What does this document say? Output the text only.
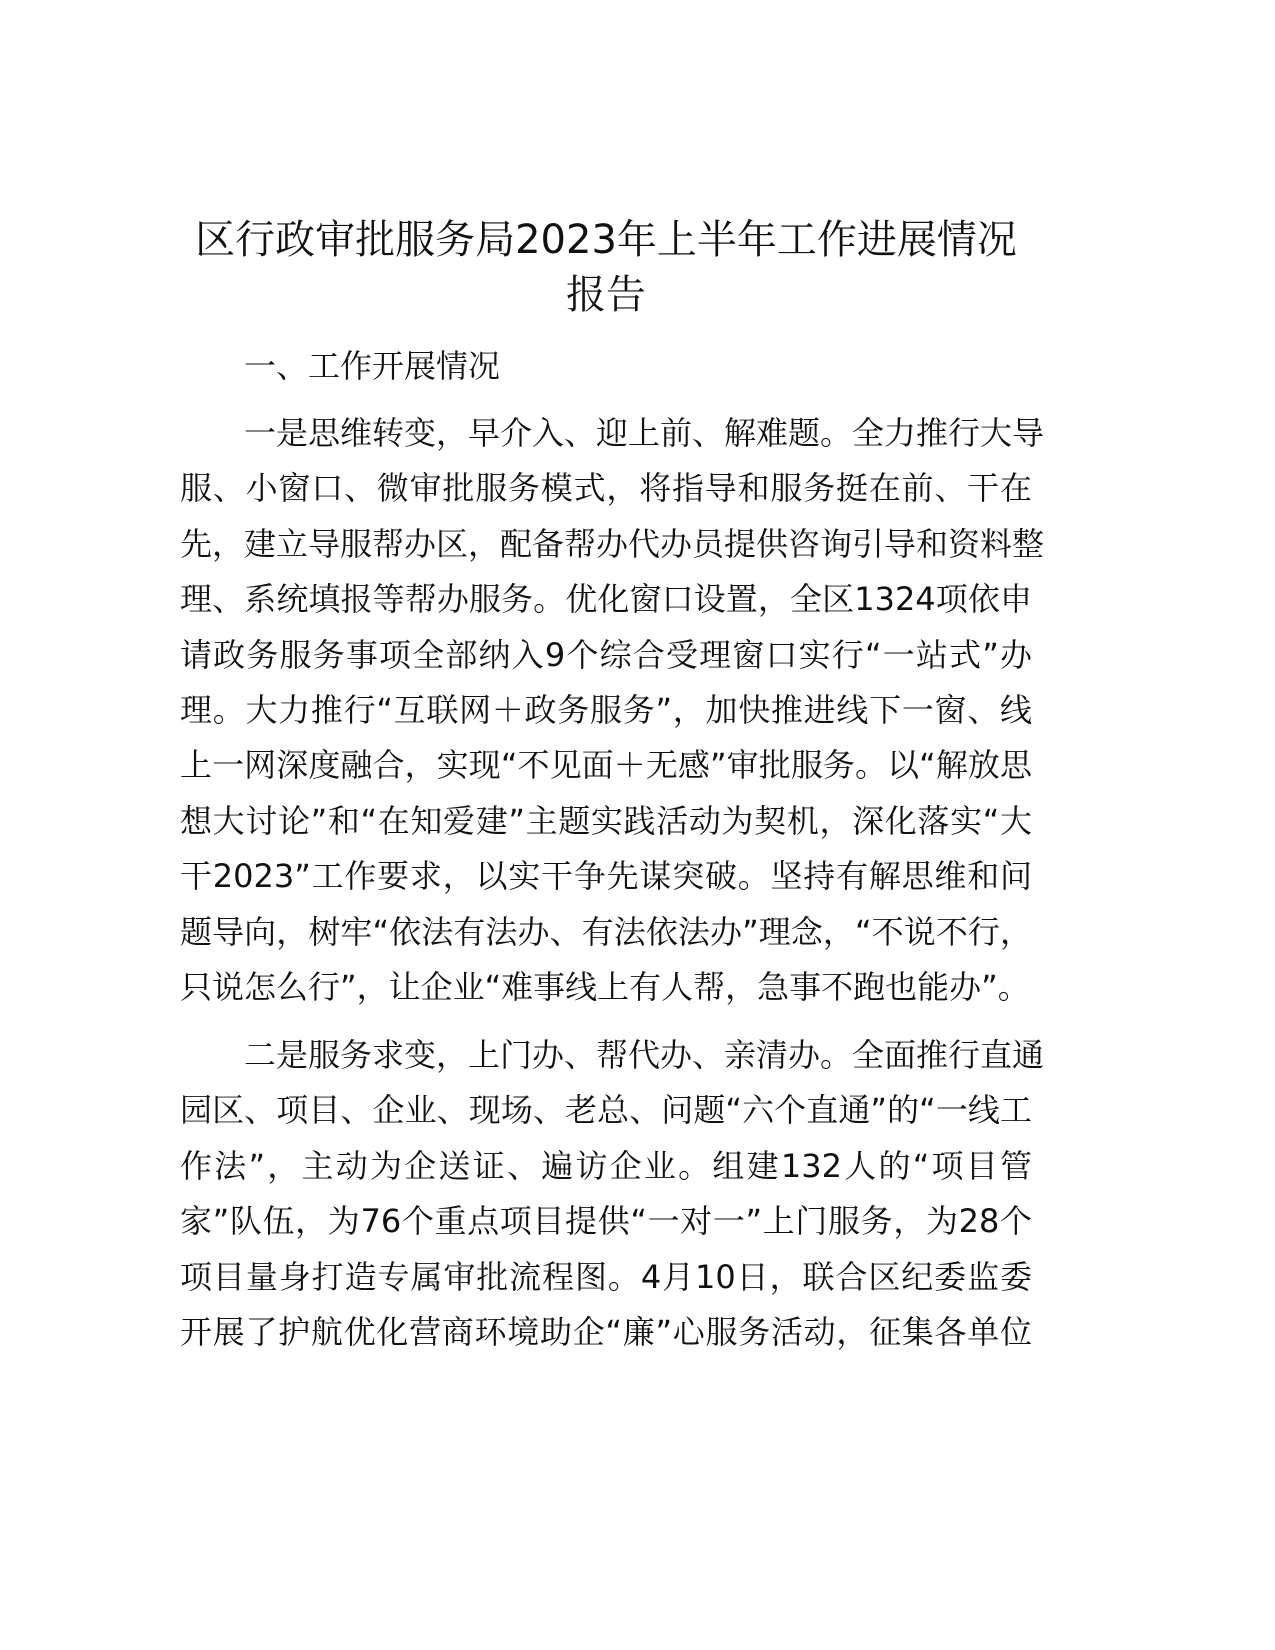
区行政审批服务局2023年上半年工作进展情况
报告
一、工作开展情况
一是思维转变，早介入、迎上前、解难题。全力推行大导
服、小窗口、微审批服务模式，将指导和服务挺在前、干在
先，建立导服帮办区，配备帮办代办员提供咨询引导和资料整
理、系统填报等帮办服务。优化窗口设置，全区1324项依申
请政务服务事项全部纳入9个综合受理窗口实行“一站式”办
理。大力推行“互联网＋政务服务”，加快推进线下一窗、线
上一网深度融合，实现“不见面＋无感”审批服务。以“解放思
想大讨论”和“在知爱建”主题实践活动为契机，深化落实“大
干2023”工作要求，以实干争先谋突破。坚持有解思维和问
题导向，树牢“依法有法办、有法依法办”理念，“不说不行，
只说怎么行”，让企业“难事线上有人帮，急事不跑也能办”。
二是服务求变，上门办、帮代办、亲清办。全面推行直通
园区、项目、企业、现场、老总、问题“六个直通”的“一线工
作法”，主动为企送证、遍访企业。组建132人的“项目管
家”队伍，为76个重点项目提供“一对一”上门服务，为28个
项目量身打造专属审批流程图。4月10日，联合区纪委监委
开展了护航优化营商环境助企“廉”心服务活动，征集各单位
